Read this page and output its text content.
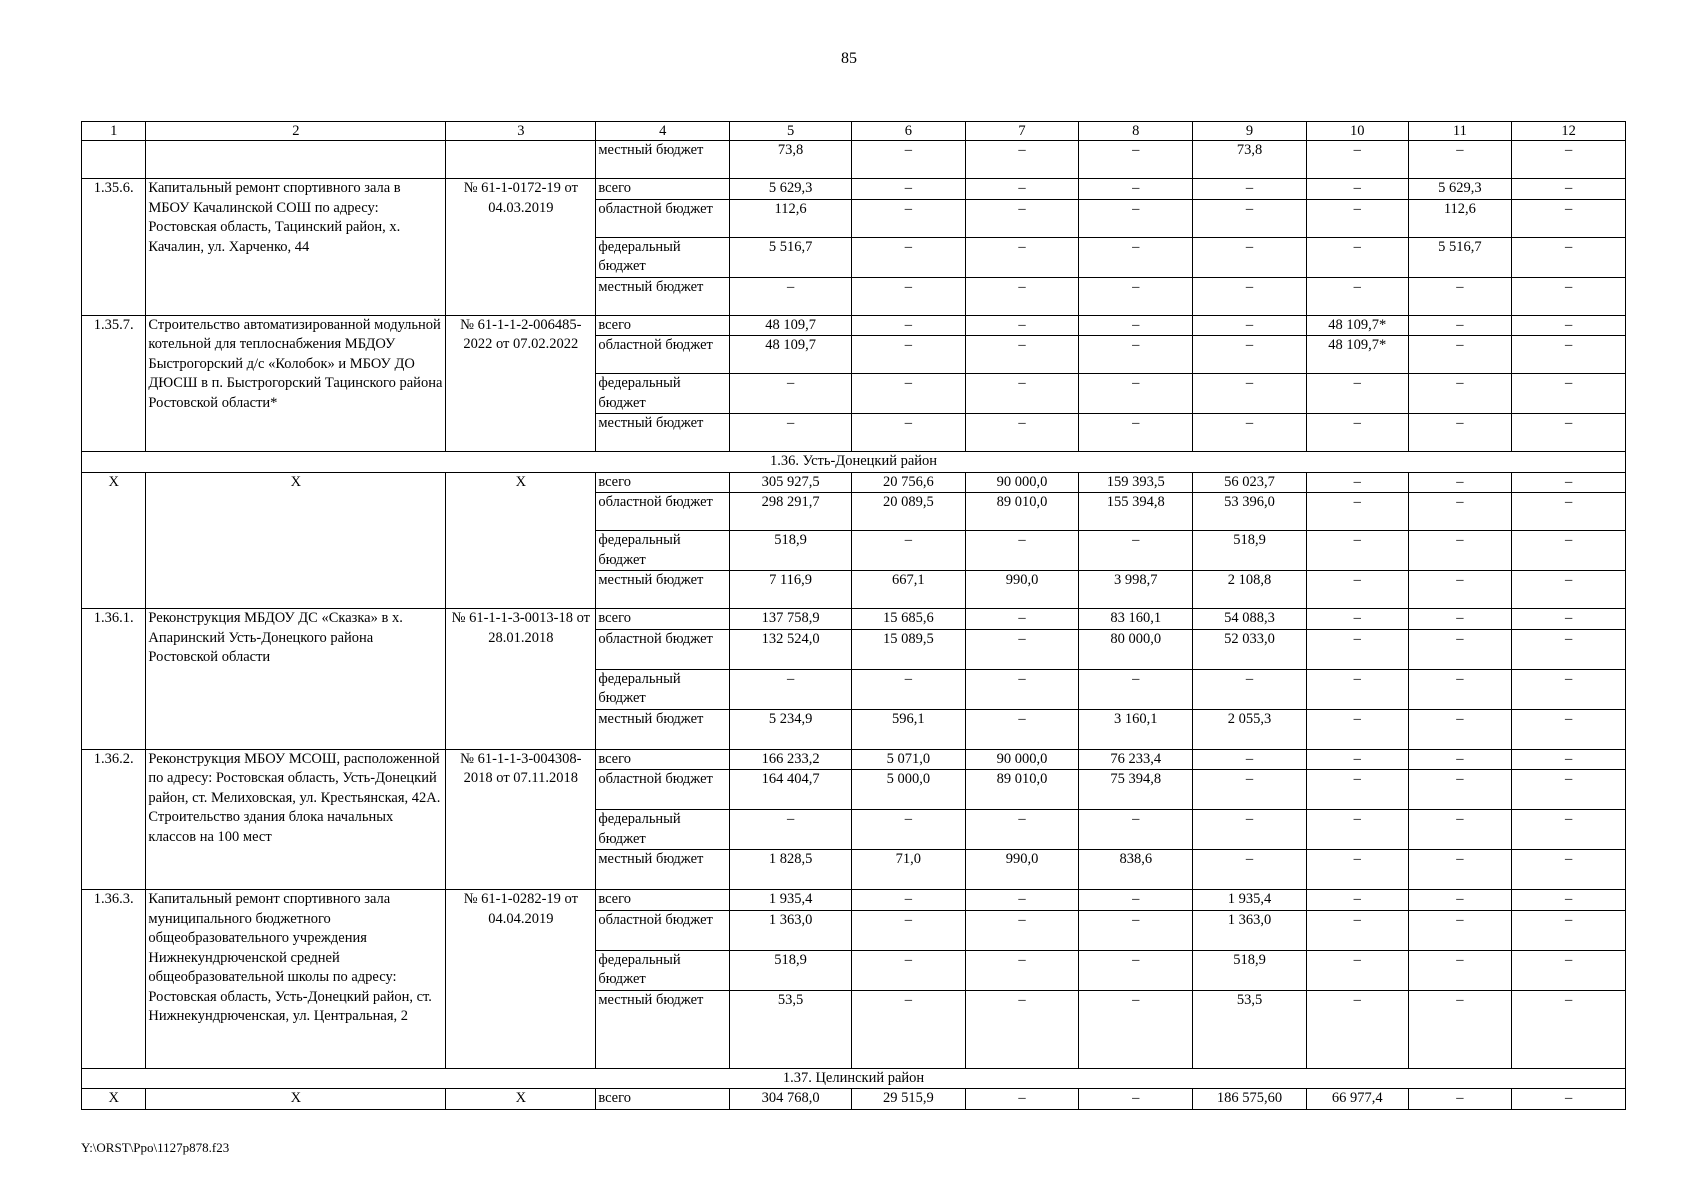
85
1	2	3	4	5	6	7	8	9	10	11	12
			местный бюджет	73,8	–	–	–	73,8	–	–	–
1.35.6.	Капитальный ремонт спортивного зала в МБОУ Качалинской СОШ по адресу: Ростовская область, Тацинский район, х. Качалин, ул. Харченко, 44	№ 61-1-0172-19 от 04.03.2019	всего	5 629,3	–	–	–	–	–	5 629,3	–
			областной бюджет	112,6	–	–	–	–	–	112,6	–
			федеральный бюджет	5 516,7	–	–	–	–	–	5 516,7	–
			местный бюджет	–	–	–	–	–	–	–	–
1.35.7.	Строительство автоматизированной модульной котельной для теплоснабжения МБДОУ Быстрогорский д/с «Колобок» и МБОУ ДО ДЮСШ в п. Быстрогорский Тацинского района Ростовской области*	№ 61-1-1-2-006485-2022 от 07.02.2022	всего	48 109,7	–	–	–	–	48 109,7*	–	–
			областной бюджет	48 109,7	–	–	–	–	48 109,7*	–	–
			федеральный бюджет	–	–	–	–	–	–	–	–
			местный бюджет	–	–	–	–	–	–	–	–
1.36. Усть-Донецкий район											
Х	Х	Х	всего	305 927,5	20 756,6	90 000,0	159 393,5	56 023,7	–	–	–
			областной бюджет	298 291,7	20 089,5	89 010,0	155 394,8	53 396,0	–	–	–
			федеральный бюджет	518,9	–	–	–	518,9	–	–	–
			местный бюджет	7 116,9	667,1	990,0	3 998,7	2 108,8	–	–	–
1.36.1.	Реконструкция МБДОУ ДС «Сказка» в х. Апаринский Усть-Донецкого района Ростовской области	№ 61-1-1-3-0013-18 от 28.01.2018	всего	137 758,9	15 685,6	–	83 160,1	54 088,3	–	–	–
			областной бюджет	132 524,0	15 089,5	–	80 000,0	52 033,0	–	–	–
			федеральный бюджет	–	–	–	–	–	–	–	–
			местный бюджет	5 234,9	596,1	–	3 160,1	2 055,3	–	–	–
1.36.2.	Реконструкция МБОУ МСОШ, расположенной по адресу: Ростовская область, Усть-Донецкий район, ст. Мелиховская, ул. Крестьянская, 42А. Строительство здания блока начальных классов на 100 мест	№ 61-1-1-3-004308-2018 от 07.11.2018	всего	166 233,2	5 071,0	90 000,0	76 233,4	–	–	–	–
			областной бюджет	164 404,7	5 000,0	89 010,0	75 394,8	–	–	–	–
			федеральный бюджет	–	–	–	–	–	–	–	–
			местный бюджет	1 828,5	71,0	990,0	838,6	–	–	–	–
1.36.3.	Капитальный ремонт спортивного зала муниципального бюджетного общеобразовательного учреждения Нижнекундрюченской средней общеобразовательной школы по адресу: Ростовская область, Усть-Донецкий район, ст. Нижнекундрюченская, ул. Центральная, 2	№ 61-1-0282-19 от 04.04.2019	всего	1 935,4	–	–	–	1 935,4	–	–	–
			областной бюджет	1 363,0	–	–	–	1 363,0	–	–	–
			федеральный бюджет	518,9	–	–	–	518,9	–	–	–
			местный бюджет	53,5	–	–	–	53,5	–	–	–
1.37. Целинский район											
Х	Х	Х	всего	304 768,0	29 515,9	–	–	186 575,60	66 977,4	–	–
Y:\ORST\Ppo\1127p878.f23
